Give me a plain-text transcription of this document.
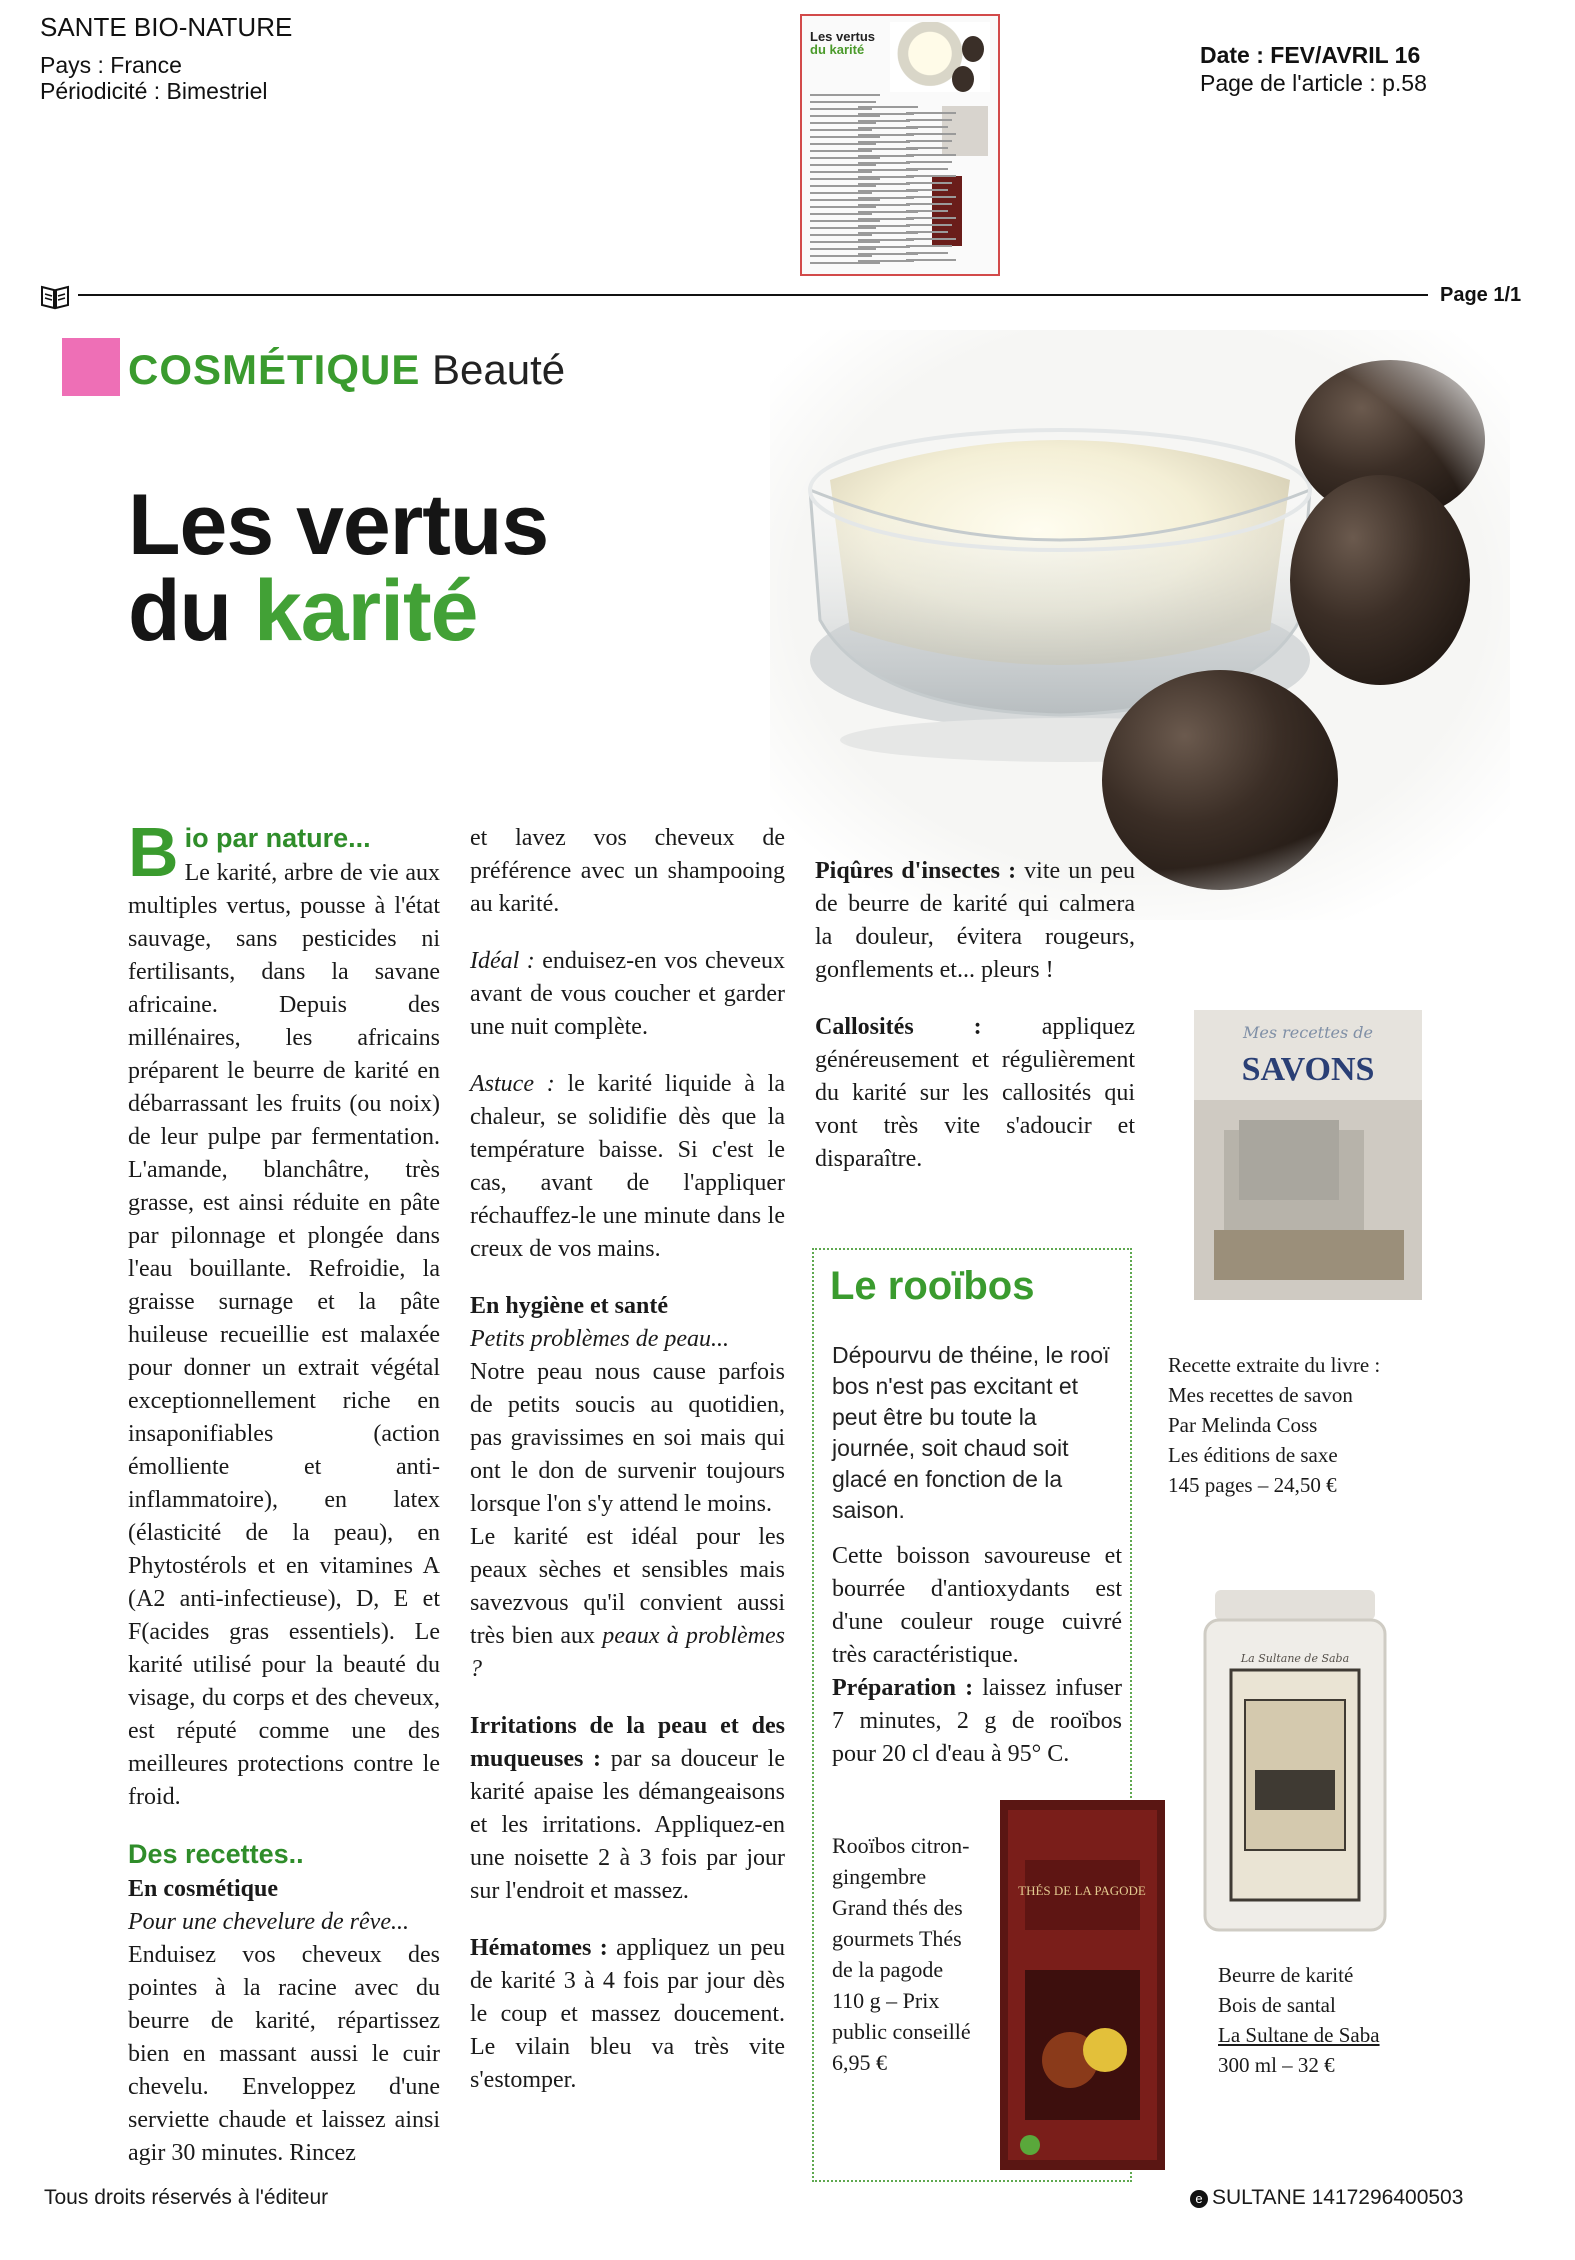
SANTE BIO-NATURE
Pays : France
Périodicité : Bimestriel
Date : FEV/AVRIL 16
Page de l'article : p.58
Les vertus
du karité
Page 1/1
COSMÉTIQUE Beauté
Les vertus
du karité

B io par nature...
Le karité, arbre de vie aux multiples vertus, pousse à l'état sauvage, sans pesticides ni fertilisants, dans la savane africaine. Depuis des millénaires, les africains préparent le beurre de karité en débarrassant les fruits (ou noix) de leur pulpe par fermentation. L'amande, blanchâtre, très grasse, est ainsi réduite en pâte par pilonnage et plongée dans l'eau bouillante. Refroidie, la graisse surnage et la pâte huileuse recueillie est malaxée pour donner un extrait végétal exceptionnellement riche en insaponifiables (action émolliente et anti-inflammatoire), en latex (élasticité de la peau), en Phytostérols et en vitamines A (A2 anti-infectieuse), D, E et F(acides gras essentiels). Le karité utilisé pour la beauté du visage, du corps et des cheveux, est réputé comme une des meilleures protections contre le froid.

Des recettes..

En cosmétique

Pour une chevelure de rêve...

Enduisez vos cheveux des pointes à la racine avec du beurre de karité, répartissez bien en massant aussi le cuir chevelu. Enveloppez d'une serviette chaude et laissez ainsi agir 30 minutes. Rincez

et lavez vos cheveux de préférence avec un shampooing au karité.

Idéal : enduisez-en vos cheveux avant de vous coucher et garder une nuit complète.

Astuce : le karité liquide à la chaleur, se solidifie dès que la température baisse. Si c'est le cas, avant de l'appliquer réchauffez-le une minute dans le creux de vos mains.

En hygiène et santé

Petits problèmes de peau...

Notre peau nous cause parfois de petits soucis au quotidien, pas gravissimes en soi mais qui ont le don de survenir toujours lorsque l'on s'y attend le moins.

Le karité est idéal pour les peaux sèches et sensibles mais savezvous qu'il convient aussi très bien aux peaux à problèmes ?

Irritations de la peau et des muqueuses : par sa douceur le karité apaise les démangeaisons et les irritations. Appliquez-en une noisette 2 à 3 fois par jour sur l'endroit et massez.

Hématomes : appliquez un peu de karité 3 à 4 fois par jour dès le coup et massez doucement. Le vilain bleu va très vite s'estomper.

Piqûres d'insectes : vite un peu de beurre de karité qui calmera la douleur, évitera rougeurs, gonflements et... pleurs !

Callosités : appliquez généreusement et régulièrement du karité sur les callosités qui vont très vite s'adoucir et disparaître.

Le rooïbos
Dépourvu de théine, le rooï bos n'est pas excitant et peut être bu toute la journée, soit chaud soit glacé en fonction de la saison.
Cette boisson savoureuse et bourrée d'antioxydants est d'une couleur rouge cuivré très caractéristique.
Préparation : laissez infuser 7 minutes, 2 g de rooïbos pour 20 cl d'eau à 95° C.
Rooïbos citron-gingembre Grand thés des gourmets Thés de la pagode 110 g – Prix public conseillé 6,95 €
THÉS DE LA PAGODE
Mes recettes de
SAVONS
Recette extraite du livre :
Mes recettes de savon
Par Melinda Coss
Les éditions de saxe
145 pages – 24,50 €
La Sultane de Saba
Beurre de karité
Bois de santal
La Sultane de Saba
300 ml – 32 €
Tous droits réservés à l'éditeur	e SULTANE 1417296400503
